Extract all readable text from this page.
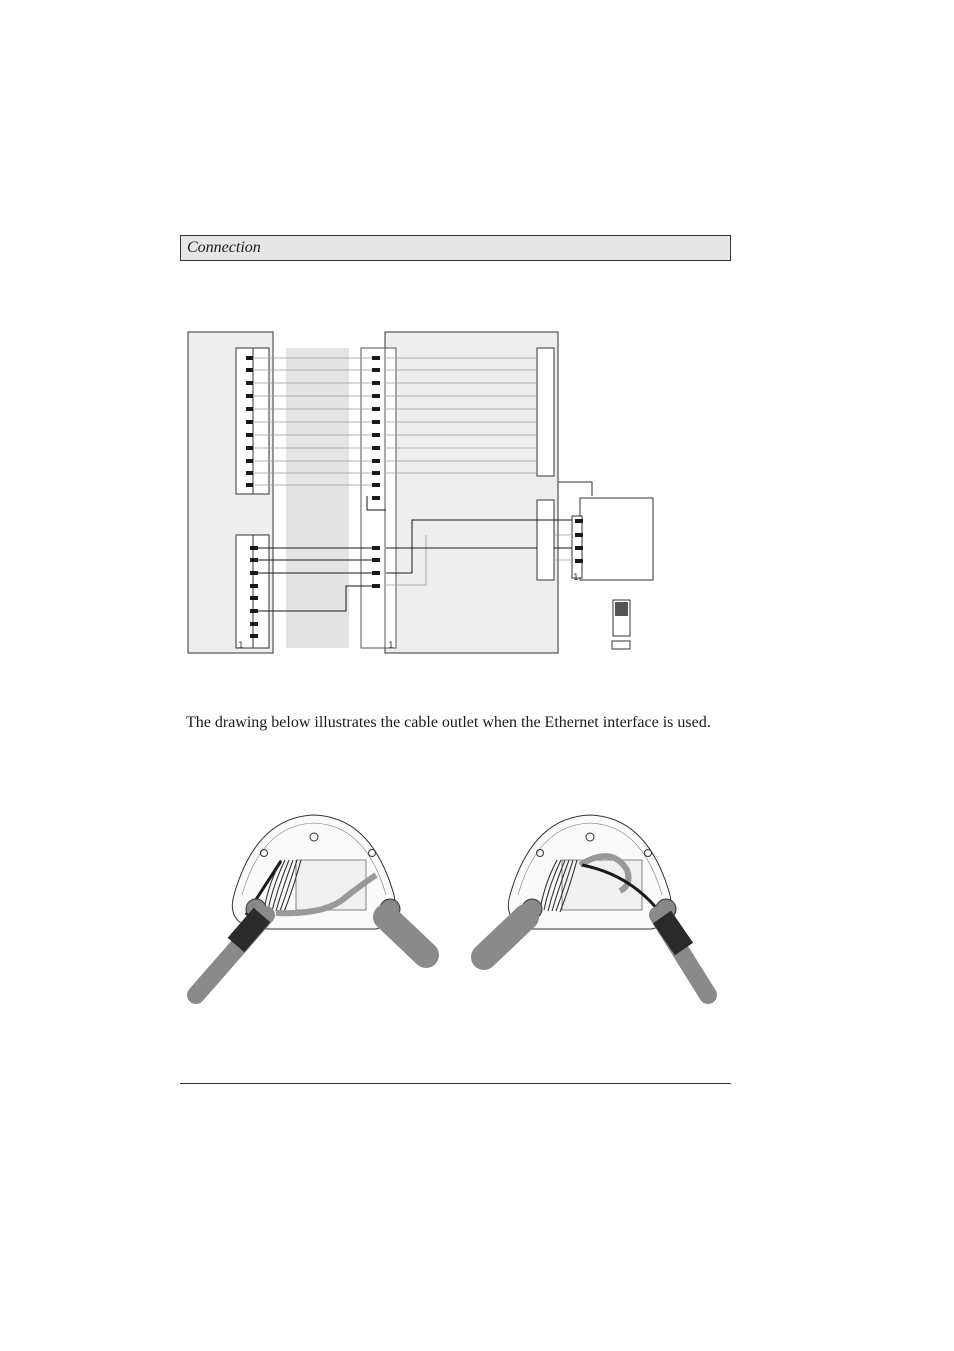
Connection
1	1
1

The drawing below illustrates the cable outlet when the Ethernet interface is used.
